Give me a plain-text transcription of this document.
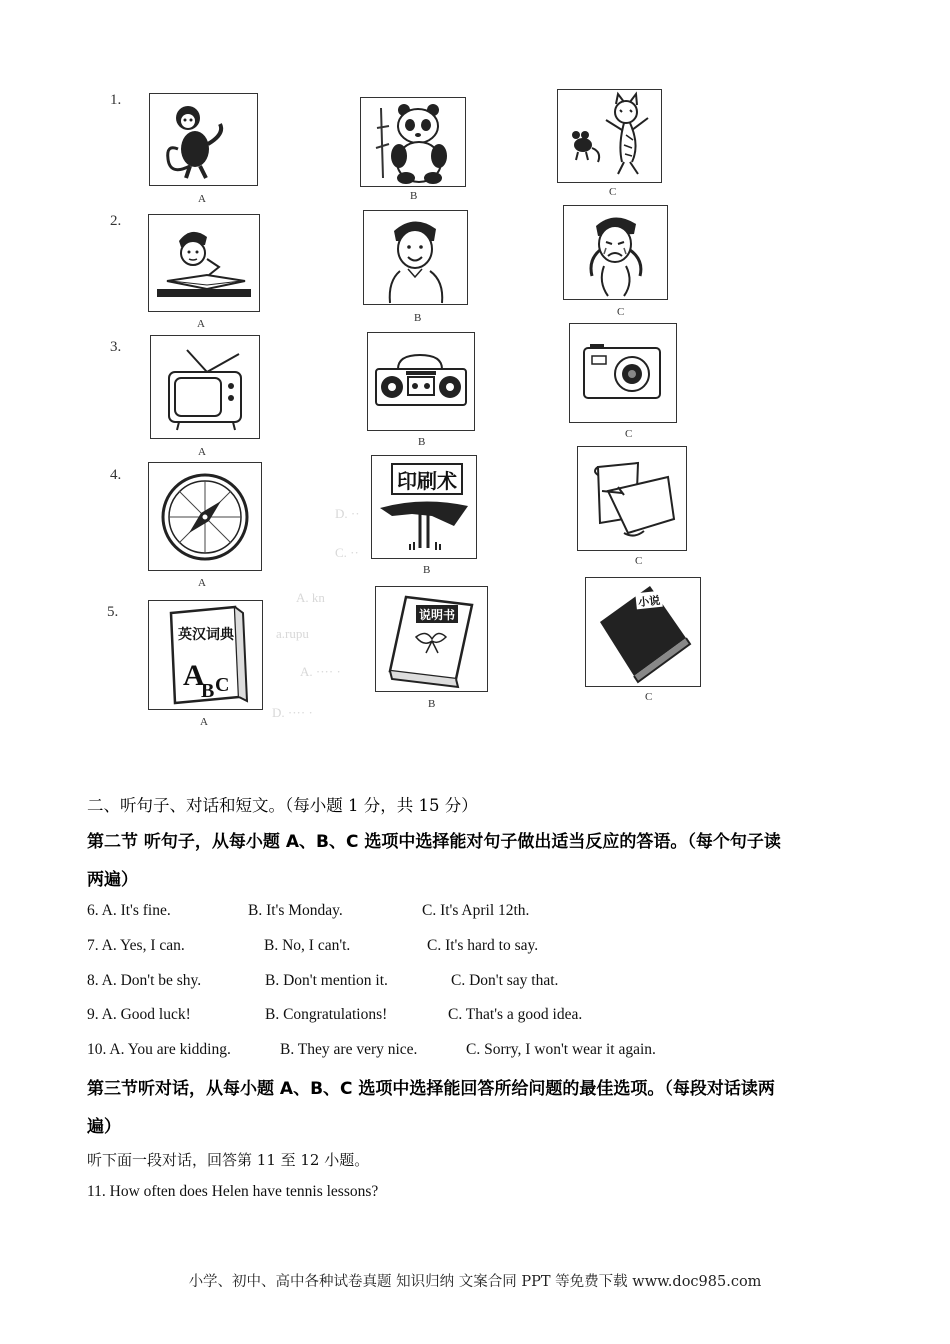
D. ··
C. ··
A. kn
a.rupu
A. ···· ·
D. ···· ·
1.
A	B	C
2.
A	B	C
3.
A
B
C
4.
A
印刷术
B
C
5.
英汉词典
A
B C
A
说明书
B
小说
C
二、听句子、对话和短文。（每小题 1 分，共 15 分）
第二节 听句子，从每小题 A、B、C 选项中选择能对句子做出适当反应的答语。（每个句子读
两遍）
6. A. It's fine.	B. It's Monday.	C. It's April 12th.
7. A. Yes, I can.	B. No, I can't.	C. It's hard to say.
8. A. Don't be shy.	B. Don't mention it.	C. Don't say that.
9. A. Good luck!	B. Congratulations!	C. That's a good idea.
10. A. You are kidding.	B. They are very nice.	C. Sorry, I won't wear it again.
第三节听对话，从每小题 A、B、C 选项中选择能回答所给问题的最佳选项。（每段对话读两
遍）
听下面一段对话，回答第 11 至 12 小题。
11. How often does Helen have tennis lessons?
小学、初中、高中各种试卷真题 知识归纳 文案合同 PPT 等免费下载 www.doc985.com
